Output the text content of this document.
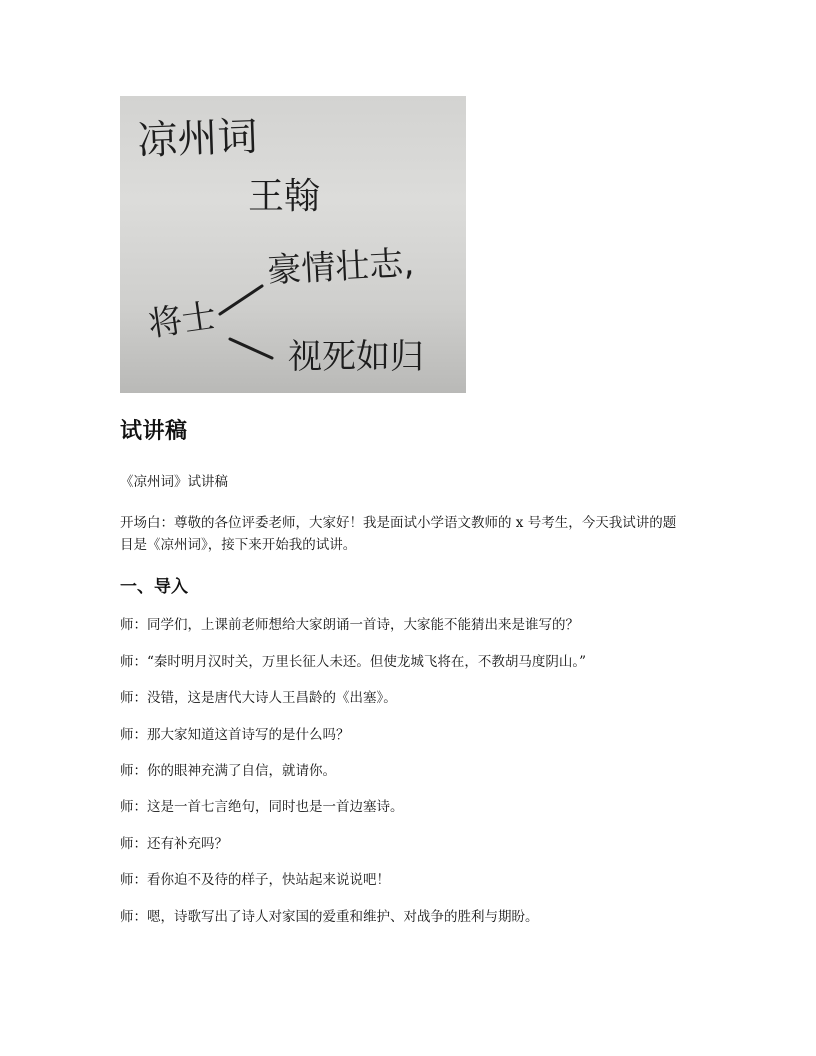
凉州词
王翰
将士
豪情壮志,
视死如归
试讲稿

《凉州词》试讲稿

开场白：尊敬的各位评委老师，大家好！我是面试小学语文教师的 x 号考生，今天我试讲的题目是《凉州词》，接下来开始我的试讲。

一、导入

师：同学们，上课前老师想给大家朗诵一首诗，大家能不能猜出来是谁写的？

师：“秦时明月汉时关，万里长征人未还。但使龙城飞将在，不教胡马度阴山。”

师：没错，这是唐代大诗人王昌龄的《出塞》。

师：那大家知道这首诗写的是什么吗？

师：你的眼神充满了自信，就请你。

师：这是一首七言绝句，同时也是一首边塞诗。

师：还有补充吗？

师：看你迫不及待的样子，快站起来说说吧！

师：嗯，诗歌写出了诗人对家国的爱重和维护、对战争的胜利与期盼。
